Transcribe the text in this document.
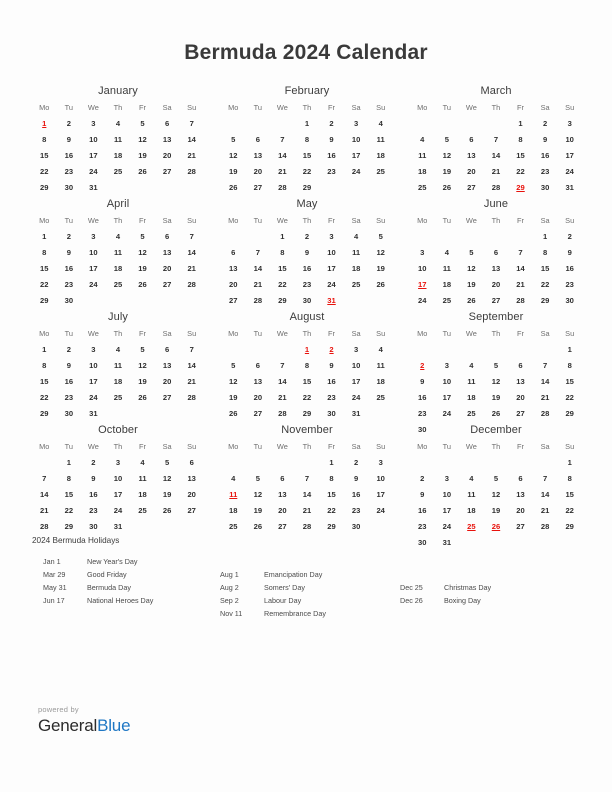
Bermuda 2024 Calendar
January
Mo	Tu	We	Th	Fr	Sa	Su
1	2	3	4	5	6	7
8	9	10	11	12	13	14
15	16	17	18	19	20	21
22	23	24	25	26	27	28
29	30	31				
February
Mo	Tu	We	Th	Fr	Sa	Su
			1	2	3	4
5	6	7	8	9	10	11
12	13	14	15	16	17	18
19	20	21	22	23	24	25
26	27	28	29			
March
Mo	Tu	We	Th	Fr	Sa	Su
				1	2	3
4	5	6	7	8	9	10
11	12	13	14	15	16	17
18	19	20	21	22	23	24
25	26	27	28	29	30	31
April
Mo	Tu	We	Th	Fr	Sa	Su
1	2	3	4	5	6	7
8	9	10	11	12	13	14
15	16	17	18	19	20	21
22	23	24	25	26	27	28
29	30					
May
Mo	Tu	We	Th	Fr	Sa	Su
		1	2	3	4	5
6	7	8	9	10	11	12
13	14	15	16	17	18	19
20	21	22	23	24	25	26
27	28	29	30	31		
June
Mo	Tu	We	Th	Fr	Sa	Su
					1	2
3	4	5	6	7	8	9
10	11	12	13	14	15	16
17	18	19	20	21	22	23
24	25	26	27	28	29	30
July
Mo	Tu	We	Th	Fr	Sa	Su
1	2	3	4	5	6	7
8	9	10	11	12	13	14
15	16	17	18	19	20	21
22	23	24	25	26	27	28
29	30	31				
August
Mo	Tu	We	Th	Fr	Sa	Su
			1	2	3	4
5	6	7	8	9	10	11
12	13	14	15	16	17	18
19	20	21	22	23	24	25
26	27	28	29	30	31	
September
Mo	Tu	We	Th	Fr	Sa	Su
						1
2	3	4	5	6	7	8
9	10	11	12	13	14	15
16	17	18	19	20	21	22
23	24	25	26	27	28	29
30						
October
Mo	Tu	We	Th	Fr	Sa	Su
	1	2	3	4	5	6
7	8	9	10	11	12	13
14	15	16	17	18	19	20
21	22	23	24	25	26	27
28	29	30	31			
November
Mo	Tu	We	Th	Fr	Sa	Su
				1	2	3
4	5	6	7	8	9	10
11	12	13	14	15	16	17
18	19	20	21	22	23	24
25	26	27	28	29	30	
December
Mo	Tu	We	Th	Fr	Sa	Su
						1
2	3	4	5	6	7	8
9	10	11	12	13	14	15
16	17	18	19	20	21	22
23	24	25	26	27	28	29
30	31					
2024 Bermuda Holidays
Jan 1	New Year's Day
Mar 29	Good Friday
May 31	Bermuda Day
Jun 17	National Heroes Day
Aug 1	Emancipation Day
Aug 2	Somers' Day
Sep 2	Labour Day
Nov 11	Remembrance Day
Dec 25	Christmas Day
Dec 26	Boxing Day
powered by
GeneralBlue
